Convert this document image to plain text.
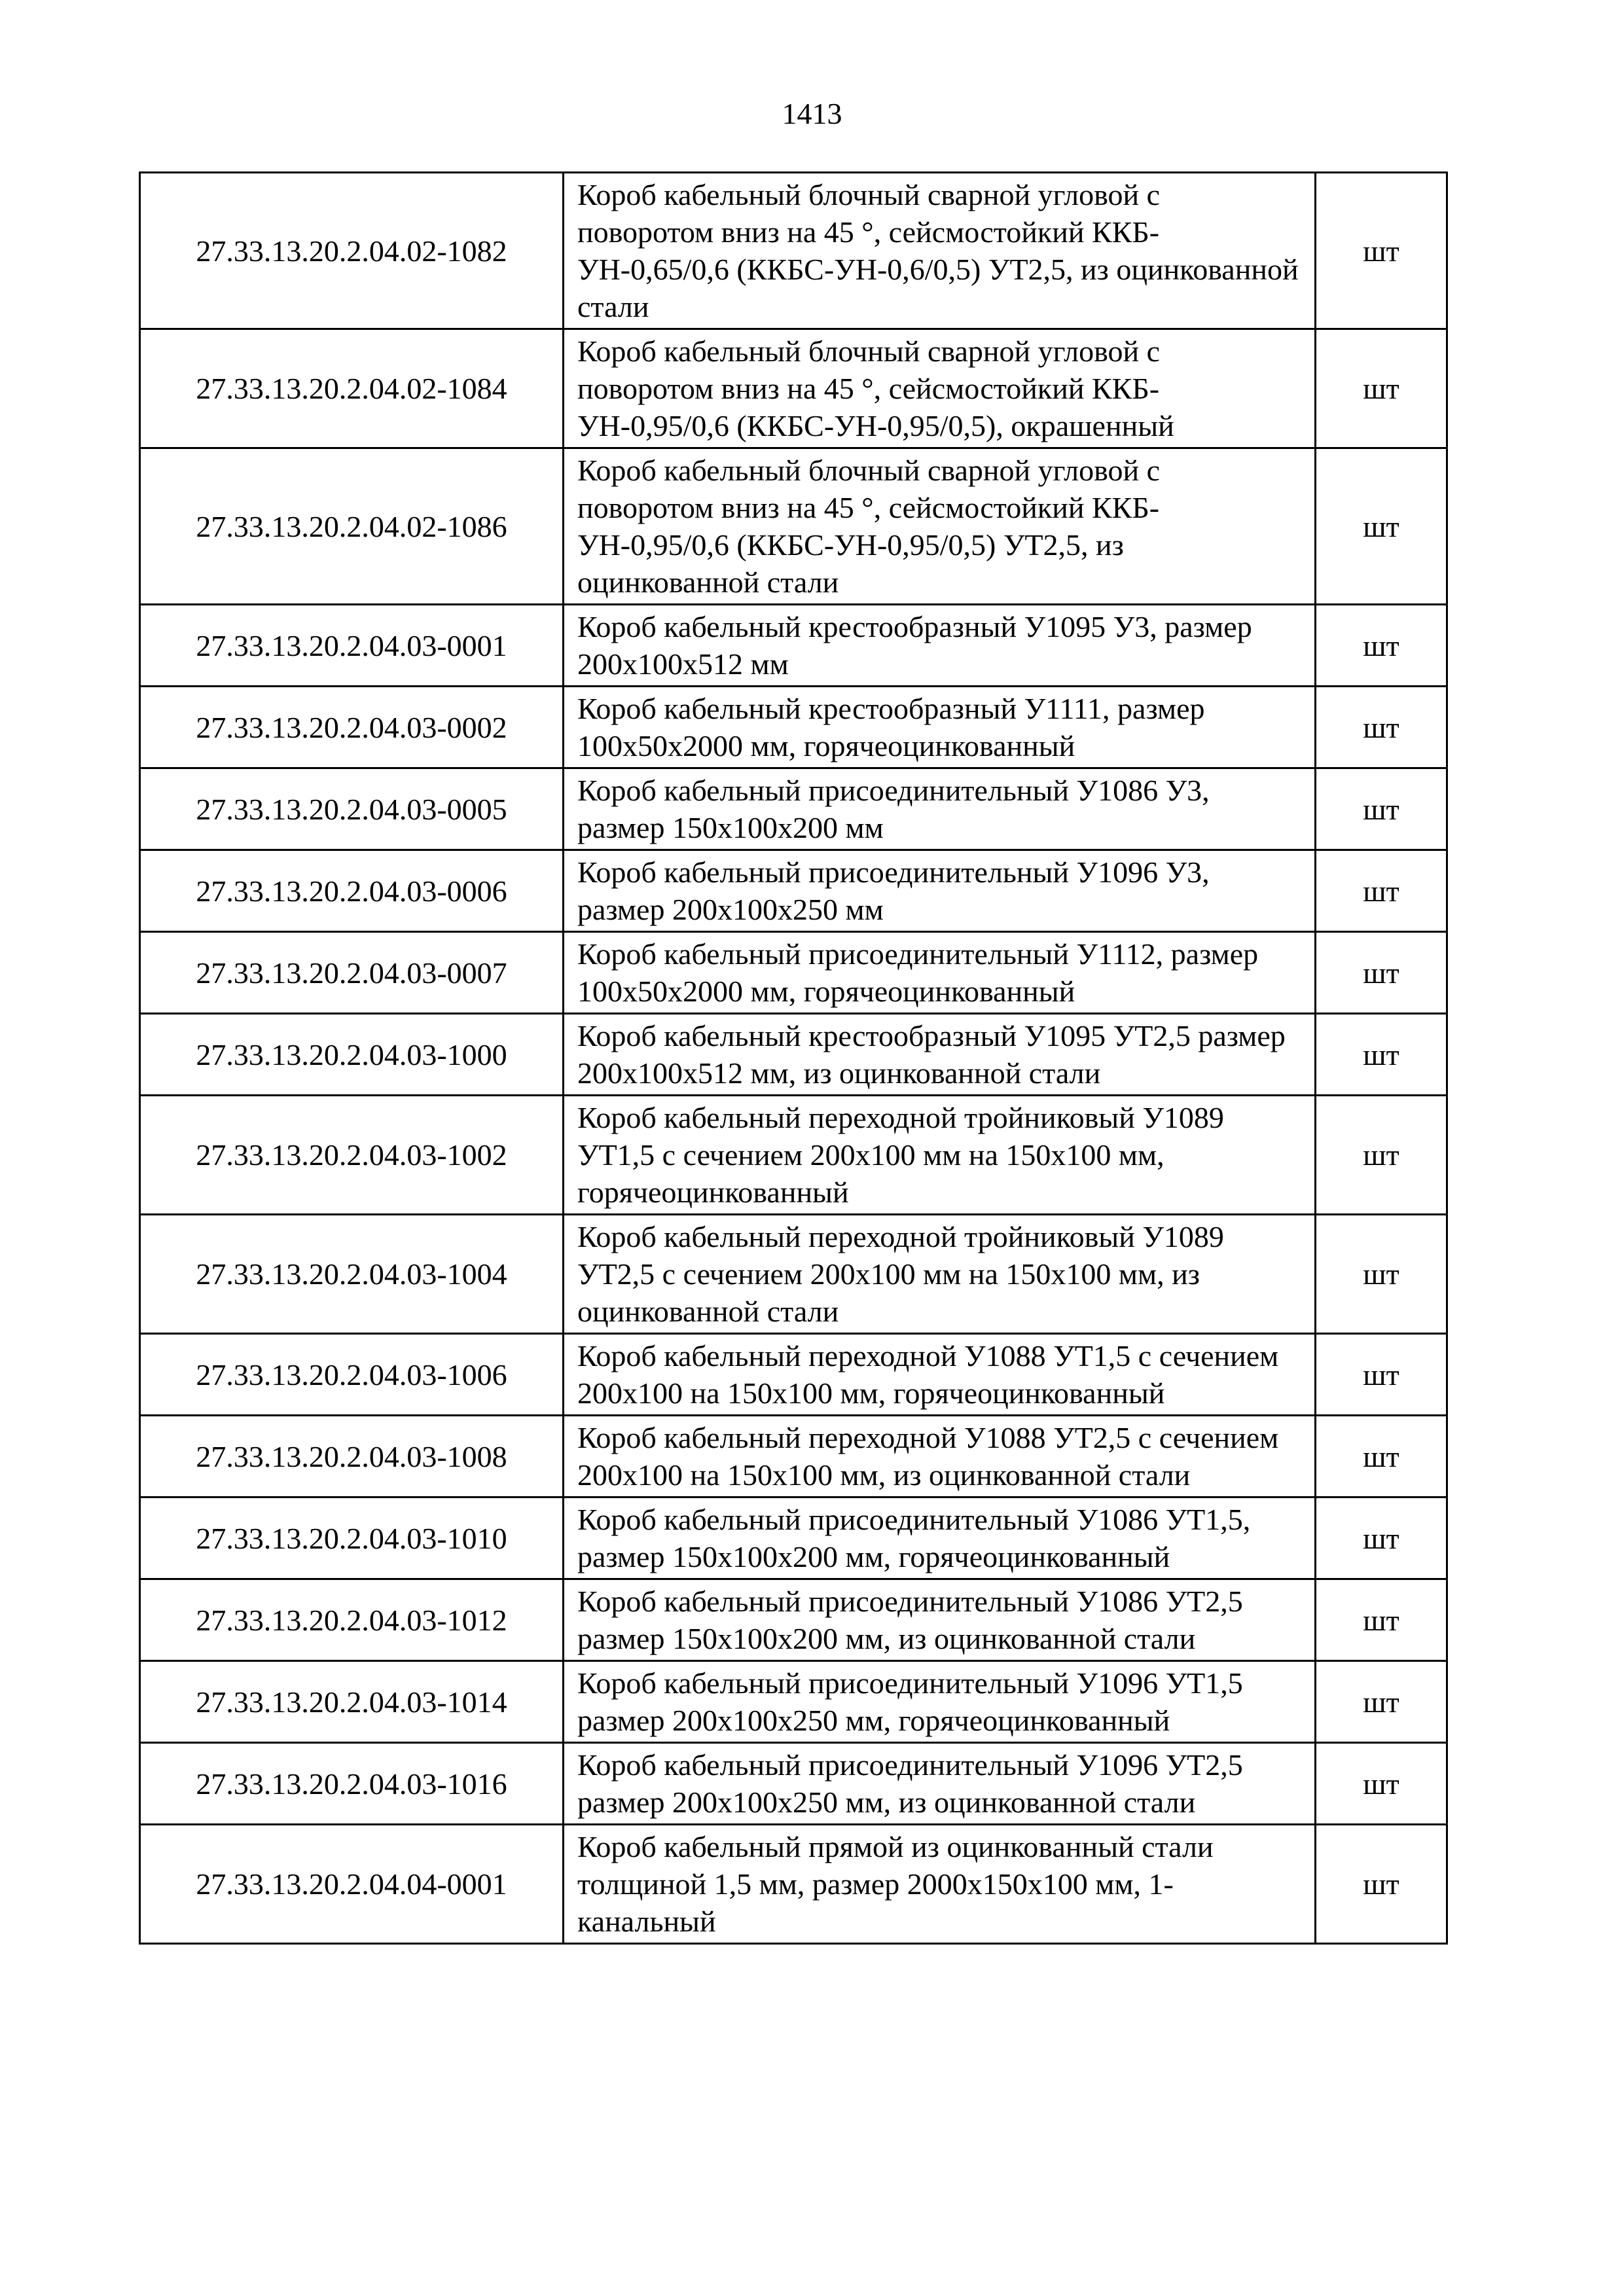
1413
27.33.13.20.2.04.02-1082	Короб кабельный блочный сварной угловой с поворотом вниз на 45 °, сейсмостойкий ККБ-УН-0,65/0,6 (ККБС-УН-0,6/0,5) УТ2,5, из оцинкованной стали	шт
27.33.13.20.2.04.02-1084	Короб кабельный блочный сварной угловой с поворотом вниз на 45 °, сейсмостойкий ККБ-УН-0,95/0,6 (ККБС-УН-0,95/0,5), окрашенный	шт
27.33.13.20.2.04.02-1086	Короб кабельный блочный сварной угловой с поворотом вниз на 45 °, сейсмостойкий ККБ-УН-0,95/0,6 (ККБС-УН-0,95/0,5) УТ2,5, из оцинкованной стали	шт
27.33.13.20.2.04.03-0001	Короб кабельный крестообразный У1095 У3, размер 200х100х512 мм	шт
27.33.13.20.2.04.03-0002	Короб кабельный крестообразный У1111, размер 100х50х2000 мм, горячеоцинкованный	шт
27.33.13.20.2.04.03-0005	Короб кабельный присоединительный У1086 У3, размер 150х100х200 мм	шт
27.33.13.20.2.04.03-0006	Короб кабельный присоединительный У1096 У3, размер 200х100х250 мм	шт
27.33.13.20.2.04.03-0007	Короб кабельный присоединительный У1112, размер 100х50х2000 мм, горячеоцинкованный	шт
27.33.13.20.2.04.03-1000	Короб кабельный крестообразный У1095 УТ2,5 размер 200х100х512 мм, из оцинкованной стали	шт
27.33.13.20.2.04.03-1002	Короб кабельный переходной тройниковый У1089 УТ1,5 с сечением 200х100 мм на 150х100 мм, горячеоцинкованный	шт
27.33.13.20.2.04.03-1004	Короб кабельный переходной тройниковый У1089 УТ2,5 с сечением 200х100 мм на 150х100 мм, из оцинкованной стали	шт
27.33.13.20.2.04.03-1006	Короб кабельный переходной У1088 УТ1,5 с сечением 200х100 на 150х100 мм, горячеоцинкованный	шт
27.33.13.20.2.04.03-1008	Короб кабельный переходной У1088 УТ2,5 с сечением 200х100 на 150х100 мм, из оцинкованной стали	шт
27.33.13.20.2.04.03-1010	Короб кабельный присоединительный У1086 УТ1,5, размер 150х100х200 мм, горячеоцинкованный	шт
27.33.13.20.2.04.03-1012	Короб кабельный присоединительный У1086 УТ2,5 размер 150х100х200 мм, из оцинкованной стали	шт
27.33.13.20.2.04.03-1014	Короб кабельный присоединительный У1096 УТ1,5 размер 200х100х250 мм, горячеоцинкованный	шт
27.33.13.20.2.04.03-1016	Короб кабельный присоединительный У1096 УТ2,5 размер 200х100х250 мм, из оцинкованной стали	шт
27.33.13.20.2.04.04-0001	Короб кабельный прямой из оцинкованный стали толщиной 1,5 мм, размер 2000х150х100 мм, 1-канальный	шт
